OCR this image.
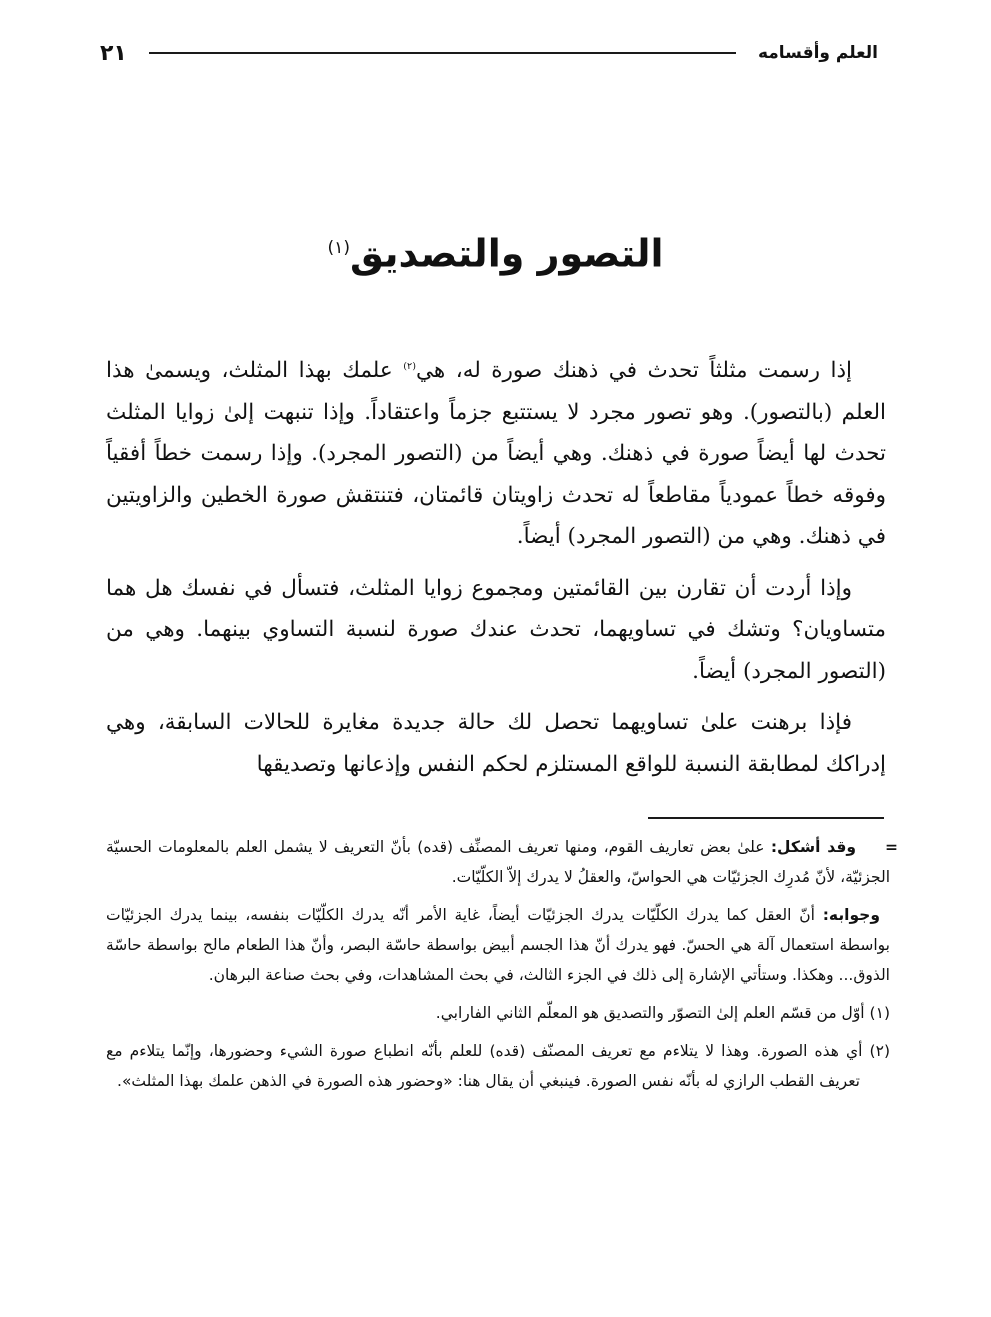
العلم وأقسامه
٢١
التصور والتصديق$^{(١)}$

إذا رسمت مثلثاً تحدث في ذهنك صورة له، هي$^{(٢)}$ علمك بهذا المثلث، ويسمىٰ هذا العلم (بالتصور). وهو تصور مجرد لا يستتبع جزماً واعتقاداً. وإذا تنبهت إلىٰ زوايا المثلث تحدث لها أيضاً صورة في ذهنك. وهي أيضاً من (التصور المجرد). وإذا رسمت خطاً أفقياً وفوقه خطاً عمودياً مقاطعاً له تحدث زاويتان قائمتان، فتنتقش صورة الخطين والزاويتين في ذهنك. وهي من (التصور المجرد) أيضاً.

وإذا أردت أن تقارن بين القائمتين ومجموع زوايا المثلث، فتسأل في نفسك هل هما متساويان؟ وتشك في تساويهما، تحدث عندك صورة لنسبة التساوي بينهما. وهي من (التصور المجرد) أيضاً.

فإذا برهنت علىٰ تساويهما تحصل لك حالة جديدة مغايرة للحالات السابقة، وهي إدراكك لمطابقة النسبة للواقع المستلزم لحكم النفس وإذعانها وتصديقها

=
وقد أشكل: علىٰ بعض تعاريف القوم، ومنها تعريف المصنِّف (قده) بأنّ التعريف لا يشمل العلم بالمعلومات الحسيّة الجزئيّة، لأنّ مُدرِك الجزئيّات هي الحواسّ، والعقلُ لا يدرك إلاّ الكلّيّات.
وجوابه: أنّ العقل كما يدرك الكلّيّات يدرك الجزئيّات أيضاً، غاية الأمر أنّه يدرك الكلّيّات بنفسه، بينما يدرك الجزئيّات بواسطة استعمال آلة هي الحسّ. فهو يدرك أنّ هذا الجسم أبيض بواسطة حاسّة البصر، وأنّ هذا الطعام مالح بواسطة حاسّة الذوق... وهكذا. وستأتي الإشارة إلى ذلك في الجزء الثالث، في بحث المشاهدات، وفي بحث صناعة البرهان.
(١) أوّل من قسّم العلم إلىٰ التصوّر والتصديق هو المعلّم الثاني الفارابي.
(٢) أي هذه الصورة. وهذا لا يتلاءم مع تعريف المصنّف (قده) للعلم بأنّه انطباع صورة الشيء وحضورها، وإنّما يتلاءم مع تعريف القطب الرازي له بأنّه نفس الصورة. فينبغي أن يقال هنا: «وحضور هذه الصورة في الذهن علمك بهذا المثلث».
